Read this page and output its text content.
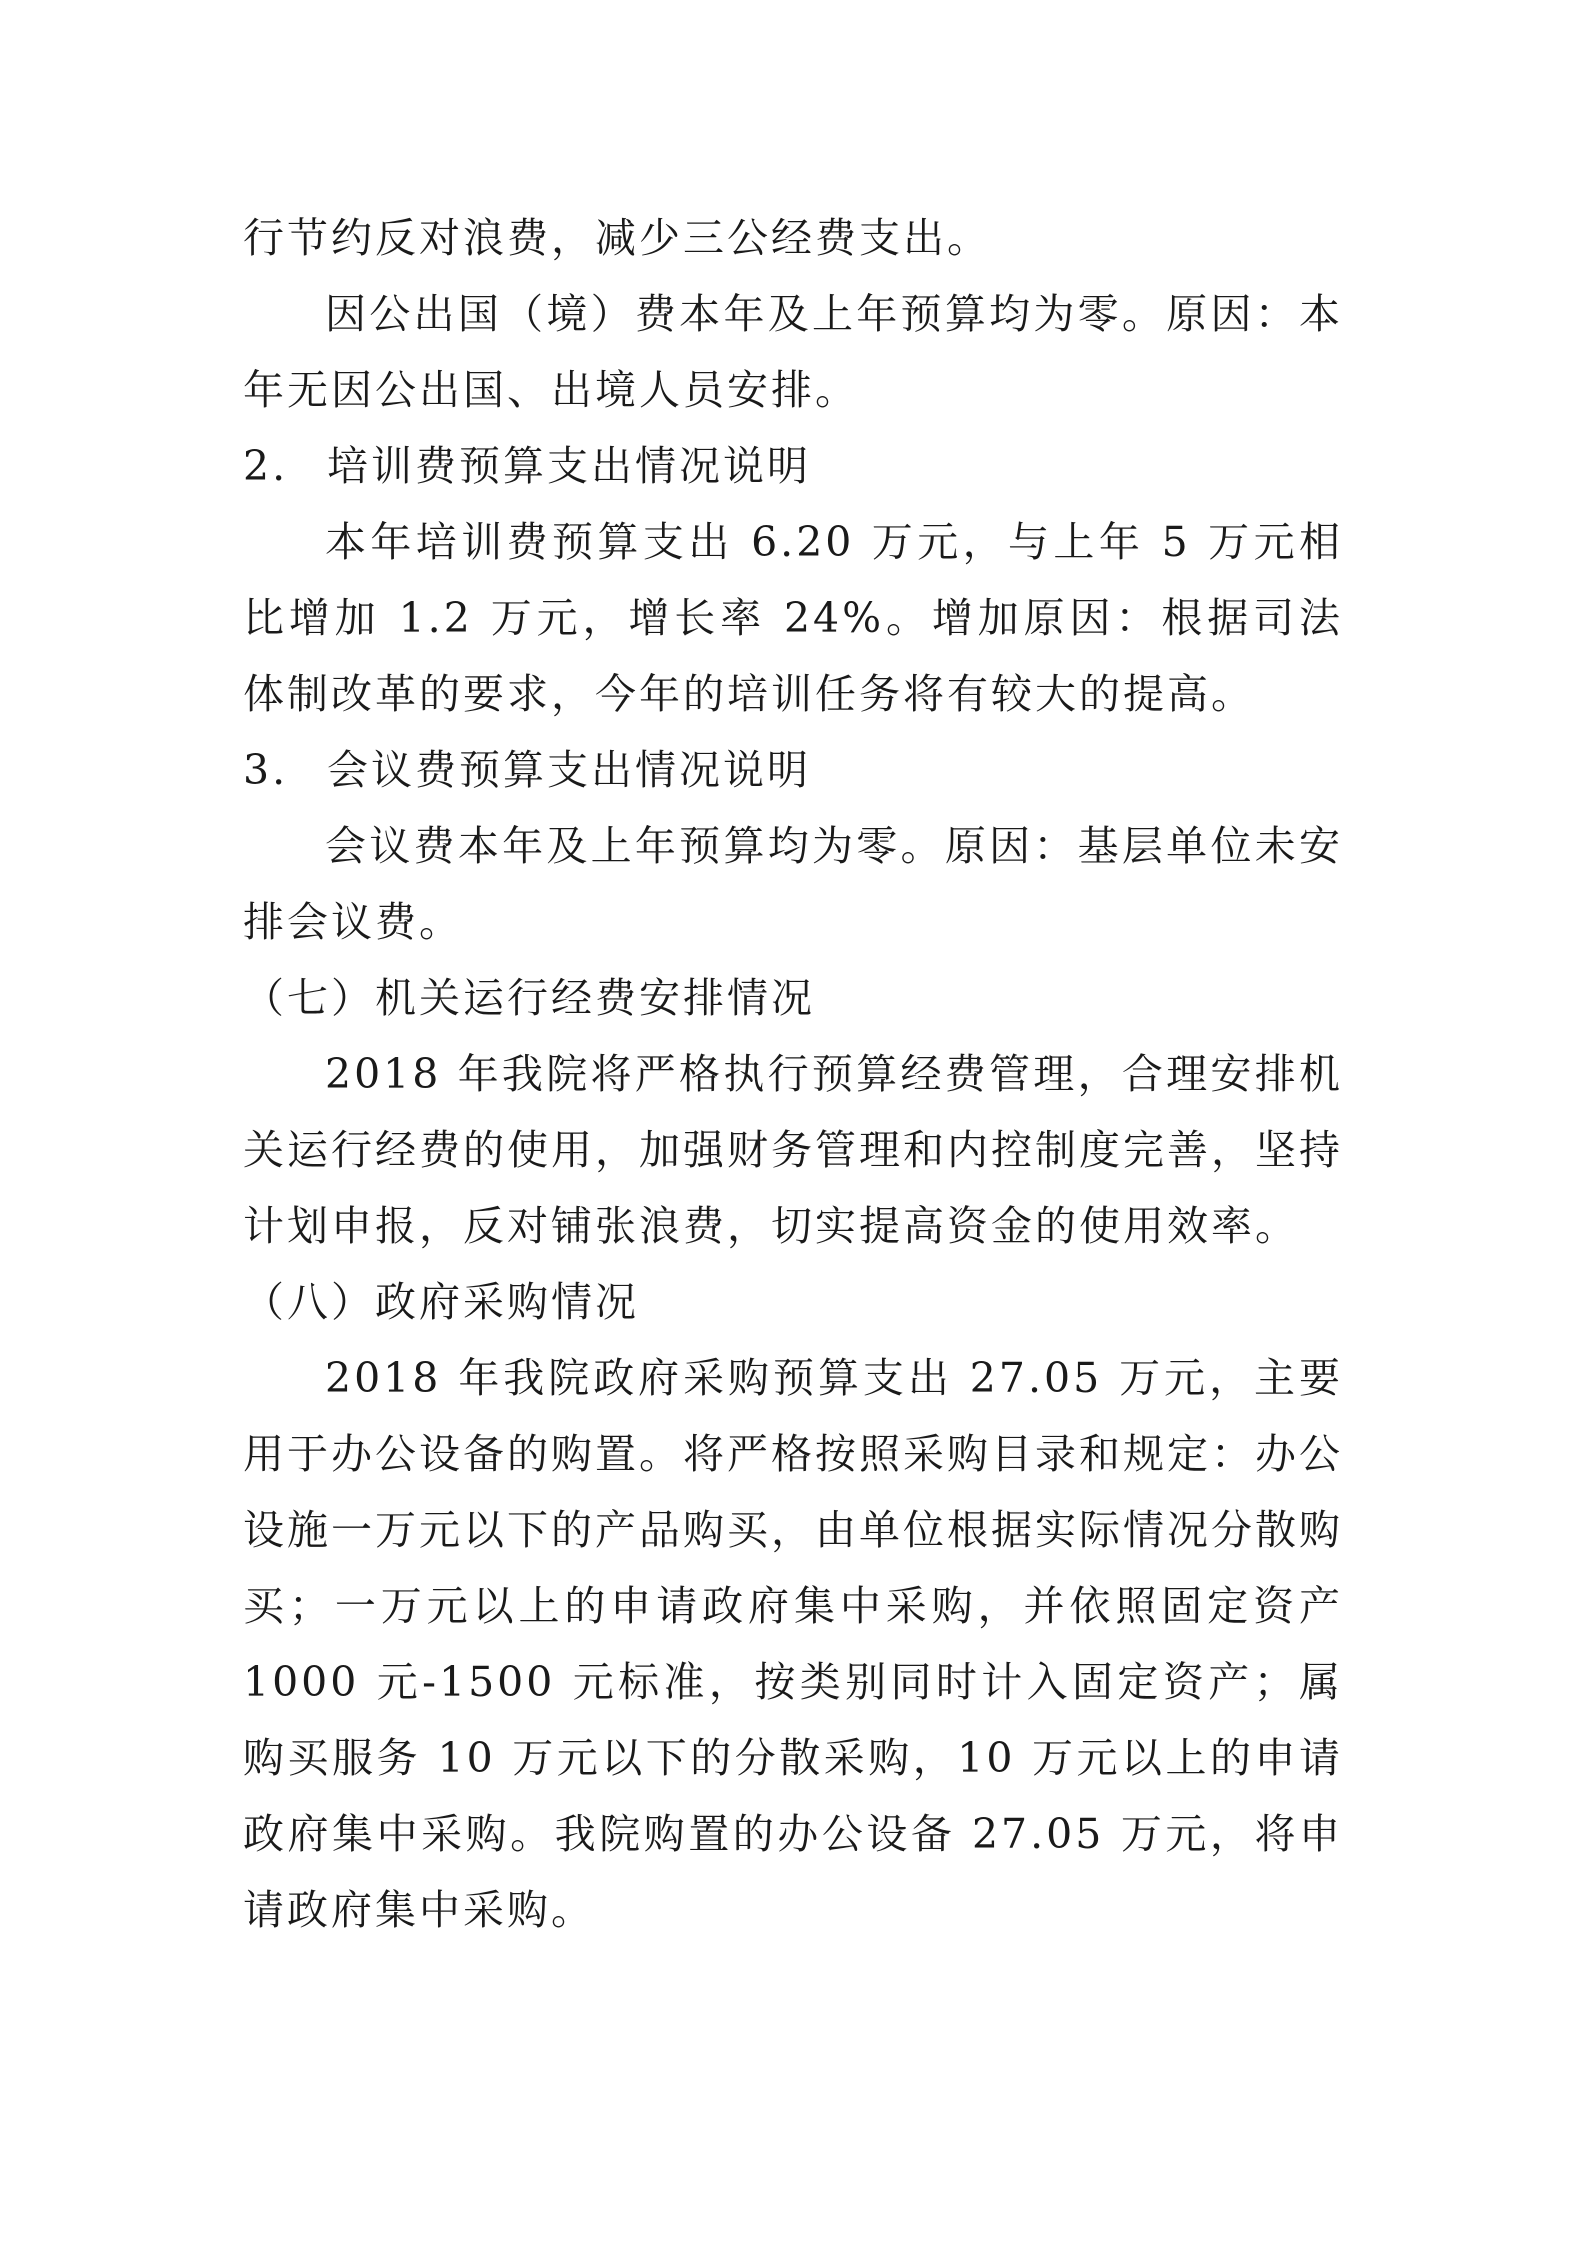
行节约反对浪费，减少三公经费支出。

因公出国（境）费本年及上年预算均为零。原因：本年无因公出国、出境人员安排。

2. 培训费预算支出情况说明

本年培训费预算支出 6.20 万元，与上年 5 万元相比增加 1.2 万元，增长率 24%。增加原因：根据司法体制改革的要求，今年的培训任务将有较大的提高。

3. 会议费预算支出情况说明

会议费本年及上年预算均为零。原因：基层单位未安排会议费。

（七）机关运行经费安排情况

2018 年我院将严格执行预算经费管理，合理安排机关运行经费的使用，加强财务管理和内控制度完善，坚持计划申报，反对铺张浪费，切实提高资金的使用效率。

（八）政府采购情况

2018 年我院政府采购预算支出 27.05 万元，主要用于办公设备的购置。将严格按照采购目录和规定：办公设施一万元以下的产品购买，由单位根据实际情况分散购买；一万元以上的申请政府集中采购，并依照固定资产 1000 元-1500 元标准，按类别同时计入固定资产；属购买服务 10 万元以下的分散采购，10 万元以上的申请政府集中采购。我院购置的办公设备 27.05 万元，将申请政府集中采购。
